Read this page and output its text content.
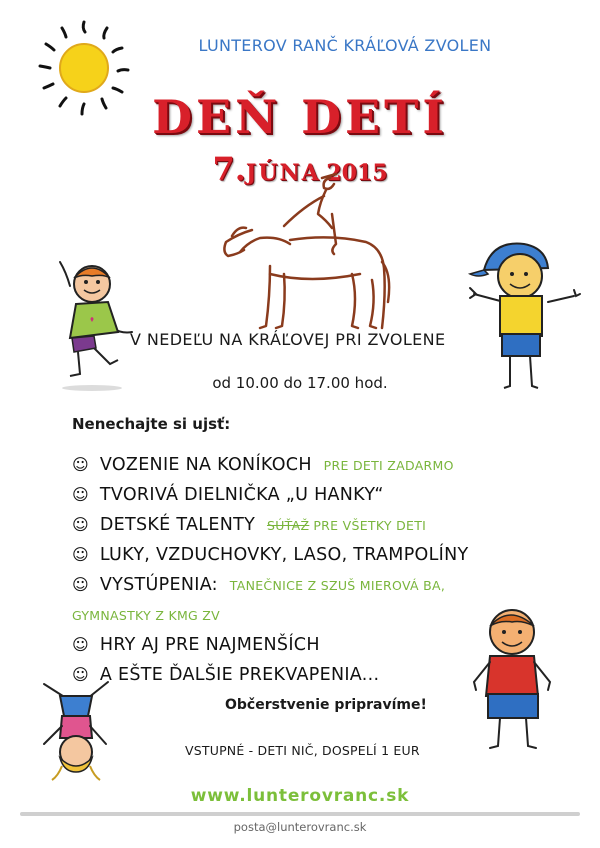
LUNTEROV RANČ KRÁĽOVÁ ZVOLEN
DEŇ DETÍ
7.JÚNA 2015
V NEDEĽU NA KRÁĽOVEJ PRI ZVOLENE
od 10.00 do 17.00 hod.
Nenechajte si ujsť:
☺ VOZENIE NA KONÍKOCH PRE DETI ZADARMO
☺ TVORIVÁ DIELNIČKA „U HANKY“
☺ DETSKÉ TALENTY SÚŤAŽ PRE VŠETKY DETI
☺ LUKY, VZDUCHOVKY, LASO, TRAMPOLÍNY
☺ VYSTÚPENIA: TANEČNICE Z SZUŠ MIEROVÁ BA,
GYMNASTKY Z KMG ZV
☺ HRY AJ PRE NAJMENŠÍCH
☺ A EŠTE ĎALŠIE PREKVAPENIA...
Občerstvenie pripravíme!
VSTUPNÉ - DETI NIČ, DOSPELÍ 1 EUR
www.lunterovranc.sk
posta@lunterovranc.sk
